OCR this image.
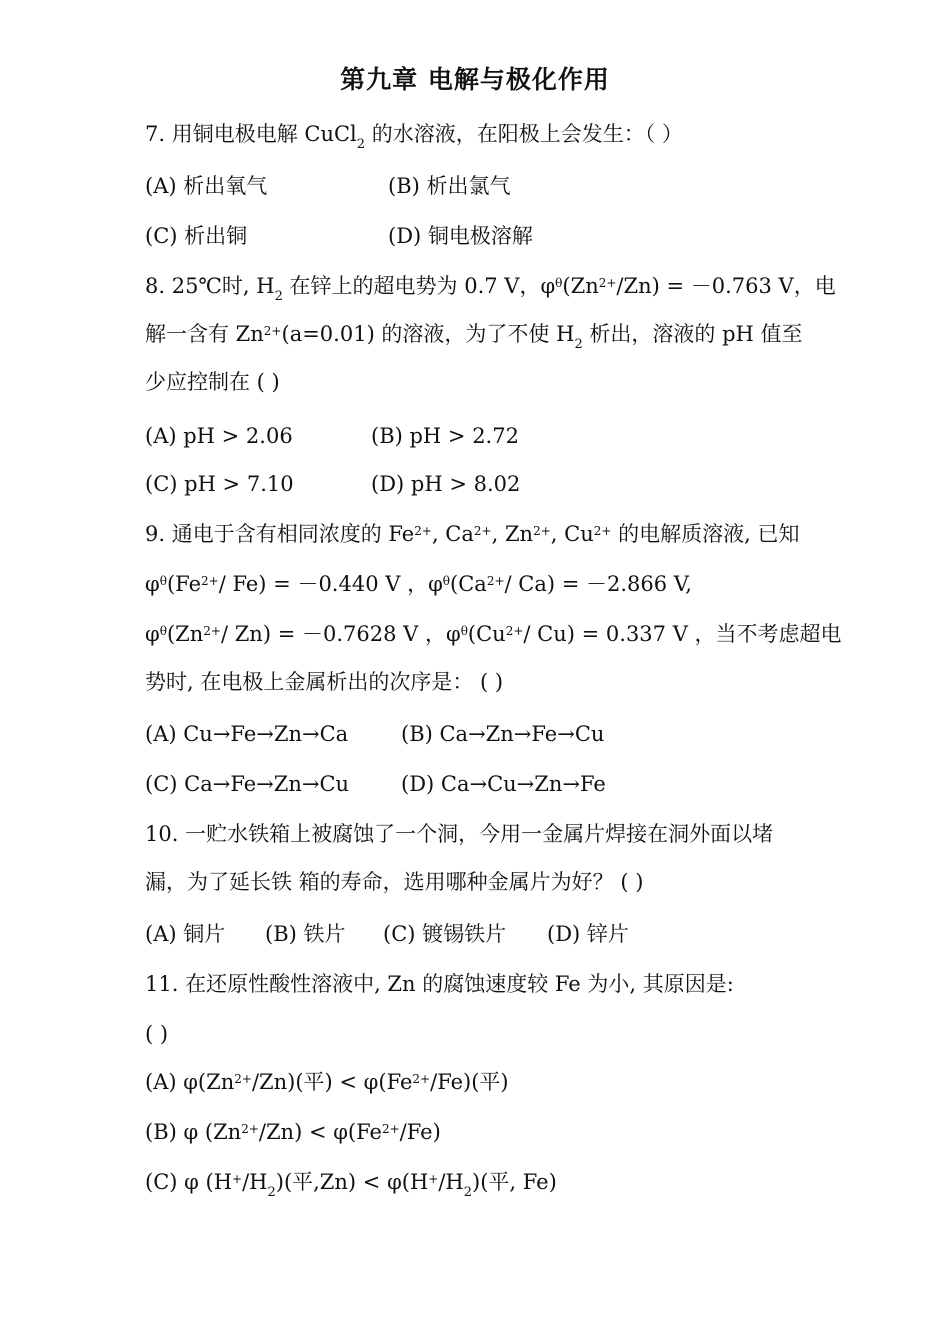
第九章 电解与极化作用
7. 用铜电极电解 CuCl$_2$ 的水溶液，在阳极上会发生：（ ）
(A) 析出氧气	(B) 析出氯气
(C) 析出铜	(D) 铜电极溶解
8. 25℃时, $H_2$ 在锌上的超电势为 0.7 V，$\varphi^\theta(Zn^{2+}/Zn) = -0.763$ V，电
解一含有 $Zn^{2+}(a=0.01)$ 的溶液，为了不使 $H_2$ 析出，溶液的 pH 值至
少应控制在 ( )
(A) pH > 2.06	(B) pH > 2.72
(C) pH > 7.10	(D) pH > 8.02
9. 通电于含有相同浓度的 $Fe^{2+}$, $Ca^{2+}$, $Zn^{2+}$, $Cu^{2+}$ 的电解质溶液, 已知
$\varphi^\theta(Fe^{2+}/$ Fe) = －0.440 V ，$\varphi^\theta(Ca^{2+}/$ Ca) = －2.866 V,
$\varphi^\theta(Zn^{2+}/$ Zn) = －0.7628 V ，$\varphi^\theta(Cu^{2+}/$ Cu) = 0.337 V ，当不考虑超电
势时, 在电极上金属析出的次序是： ( )
(A) Cu→Fe→Zn→Ca	(B) Ca→Zn→Fe→Cu
(C) Ca→Fe→Zn→Cu (D) Ca→Cu→Zn→Fe
10. 一贮水铁箱上被腐蚀了一个洞，今用一金属片焊接在洞外面以堵
漏，为了延长铁 箱的寿命，选用哪种金属片为好？ ( )
(A) 铜片 (B) 铁片 (C) 镀锡铁片 (D) 锌片
11. 在还原性酸性溶液中, Zn 的腐蚀速度较 Fe 为小, 其原因是:
( )
(A) $\varphi(Zn^{2+}/Zn)$(平) < $\varphi(Fe^{2+}/Fe)$(平)
(B) φ $(Zn^{2+}/Zn) < \varphi(Fe^{2+}/Fe)$
(C) φ $(H^+/H_2)$(平$,Zn) < \varphi(H^+/H_2)$(平, Fe)
